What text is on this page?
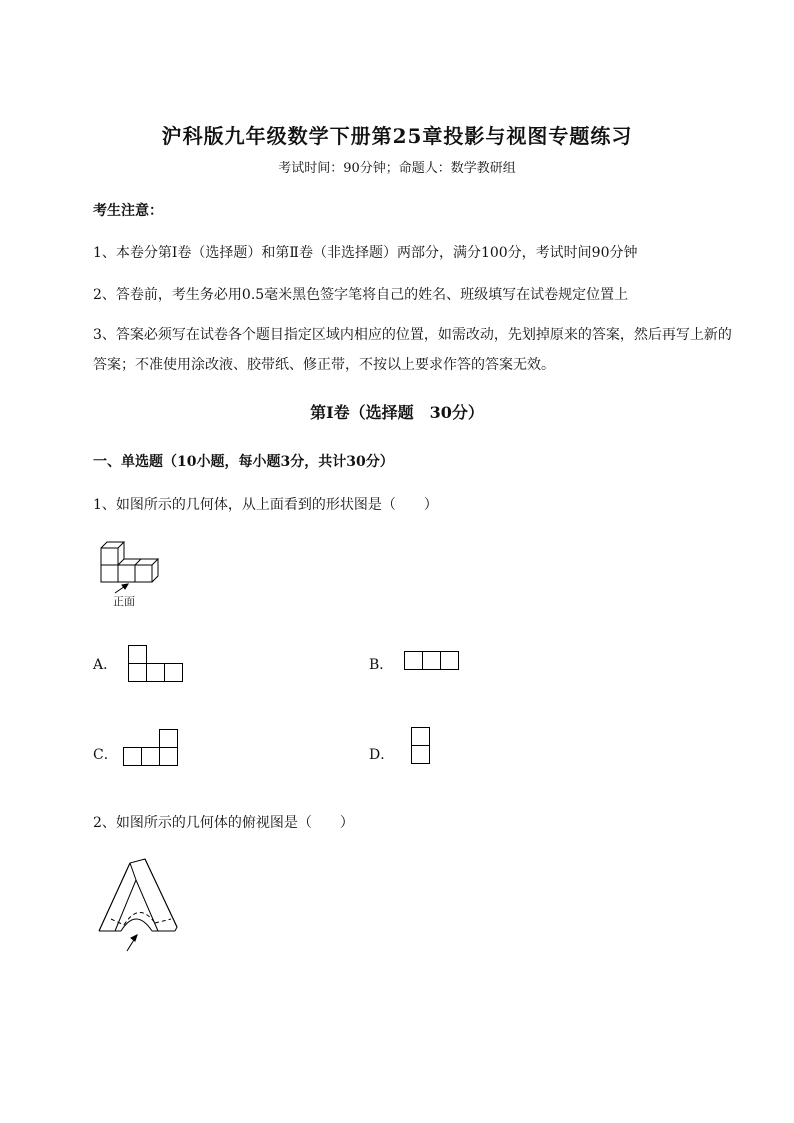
沪科版九年级数学下册第25章投影与视图专题练习
考试时间：90分钟；命题人：数学教研组
考生注意：
1、本卷分第I卷（选择题）和第Ⅱ卷（非选择题）两部分，满分100分，考试时间90分钟
2、答卷前，考生务必用0.5毫米黑色签字笔将自己的姓名、班级填写在试卷规定位置上
3、答案必须写在试卷各个题目指定区域内相应的位置，如需改动，先划掉原来的答案，然后再写上新的答案；不准使用涂改液、胶带纸、修正带，不按以上要求作答的答案无效。
第I卷（选择题　30分）
一、单选题（10小题，每小题3分，共计30分）
1、如图所示的几何体，从上面看到的形状图是（　　）
正面
A．	B．
C．	D．
2、如图所示的几何体的俯视图是（　　）
